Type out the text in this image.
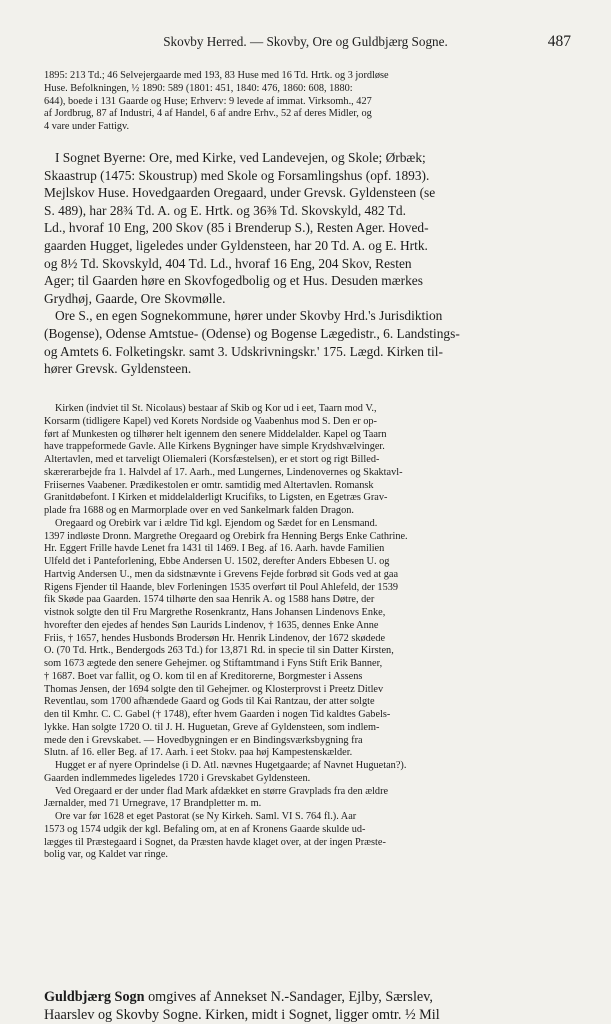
Skovby Herred. — Skovby, Ore og Guldbjærg Sogne.	487
1895: 213 Td.; 46 Selvejergaarde med 193, 83 Huse med 16 Td. Hrtk. og 3 jordløse
Huse. Befolkningen, ½ 1890: 589 (1801: 451, 1840: 476, 1860: 608, 1880:
644), boede i 131 Gaarde og Huse; Erhverv: 9 levede af immat. Virksomh., 427
af Jordbrug, 87 af Industri, 4 af Handel, 6 af andre Erhv., 52 af deres Midler, og
4 vare under Fattigv.
I Sognet Byerne: Ore, med Kirke, ved Landevejen, og Skole; Ørbæk;
Skaastrup (1475: Skoustrup) med Skole og Forsamlingshus (opf. 1893).
Mejlskov Huse. Hovedgaarden Oregaard, under Grevsk. Gyldensteen (se
S. 489), har 28¾ Td. A. og E. Hrtk. og 36⅜ Td. Skovskyld, 482 Td.
Ld., hvoraf 10 Eng, 200 Skov (85 i Brenderup S.), Resten Ager. Hoved-
gaarden Hugget, ligeledes under Gyldensteen, har 20 Td. A. og E. Hrtk.
og 8½ Td. Skovskyld, 404 Td. Ld., hvoraf 16 Eng, 204 Skov, Resten
Ager; til Gaarden høre en Skovfogedbolig og et Hus. Desuden mærkes
Grydhøj, Gaarde, Ore Skovmølle.
Ore S., en egen Sognekommune, hører under Skovby Hrd.'s Jurisdiktion
(Bogense), Odense Amtstue- (Odense) og Bogense Lægedistr., 6. Landstings-
og Amtets 6. Folketingskr. samt 3. Udskrivningskr.' 175. Lægd. Kirken til-
hører Grevsk. Gyldensteen.
Kirken (indviet til St. Nicolaus) bestaar af Skib og Kor ud i eet, Taarn mod V.,
Korsarm (tidligere Kapel) ved Korets Nordside og Vaabenhus mod S. Den er op-
ført af Munkesten og tilhører helt igennem den senere Middelalder. Kapel og Taarn
have trappeformede Gavle. Alle Kirkens Bygninger have simple Krydshvælvinger.
Altertavlen, med et tarveligt Oliemaleri (Korsfæstelsen), er et stort og rigt Billed-
skærerarbejde fra 1. Halvdel af 17. Aarh., med Lungernes, Lindenovernes og Skaktavl-
Friisernes Vaabener. Prædikestolen er omtr. samtidig med Altertavlen. Romansk
Granitdøbefont. I Kirken et middelalderligt Krucifiks, to Ligsten, en Egetræs Grav-
plade fra 1688 og en Marmorplade over en ved Sankelmark falden Dragon.
Oregaard og Orebirk var i ældre Tid kgl. Ejendom og Sædet for en Lensmand.
1397 indløste Dronn. Margrethe Oregaard og Orebirk fra Henning Bergs Enke Cathrine.
Hr. Eggert Frille havde Lenet fra 1431 til 1469. I Beg. af 16. Aarh. havde Familien
Ulfeld det i Panteforlening, Ebbe Andersen U. 1502, derefter Anders Ebbesen U. og
Hartvig Andersen U., men da sidstnævnte i Grevens Fejde forbrød sit Gods ved at gaa
Rigens Fjender til Haande, blev Forleningen 1535 overført til Poul Ahlefeld, der 1539
fik Skøde paa Gaarden. 1574 tilhørte den saa Henrik A. og 1588 hans Døtre, der
vistnok solgte den til Fru Margrethe Rosenkrantz, Hans Johansen Lindenovs Enke,
hvorefter den ejedes af hendes Søn Laurids Lindenov, † 1635, dennes Enke Anne
Friis, † 1657, hendes Husbonds Brodersøn Hr. Henrik Lindenov, der 1672 skødede
O. (70 Td. Hrtk., Bendergods 263 Td.) for 13,871 Rd. in specie til sin Datter Kirsten,
som 1673 ægtede den senere Gehejmer. og Stiftamtmand i Fyns Stift Erik Banner,
† 1687. Boet var fallit, og O. kom til en af Kreditorerne, Borgmester i Assens
Thomas Jensen, der 1694 solgte den til Gehejmer. og Klosterprovst i Preetz Ditlev
Reventlau, som 1700 afhændede Gaard og Gods til Kai Rantzau, der atter solgte
den til Kmhr. C. C. Gabel († 1748), efter hvem Gaarden i nogen Tid kaldtes Gabels-
lykke. Han solgte 1720 O. til J. H. Huguetan, Greve af Gyldensteen, som indlem-
mede den i Grevskabet. — Hovedbygningen er en Bindingsværksbygning fra
Slutn. af 16. eller Beg. af 17. Aarh. i eet Stokv. paa høj Kampestenskælder.
Hugget er af nyere Oprindelse (i D. Atl. nævnes Hugetgaarde; af Navnet Huguetan?).
Gaarden indlemmedes ligeledes 1720 i Grevskabet Gyldensteen.
Ved Oregaard er der under flad Mark afdækket en større Gravplads fra den ældre
Jærnalder, med 71 Urnegrave, 17 Brandpletter m. m.
Ore var før 1628 et eget Pastorat (se Ny Kirkeh. Saml. VI S. 764 fl.). Aar
1573 og 1574 udgik der kgl. Befaling om, at en af Kronens Gaarde skulde ud-
lægges til Præstegaard i Sognet, da Præsten havde klaget over, at der ingen Præste-
bolig var, og Kaldet var ringe.
Guldbjærg Sogn omgives af Annekset N.-Sandager, Ejlby, Særslev,
Haarslev og Skovby Sogne. Kirken, midt i Sognet, ligger omtr. ½ Mil
